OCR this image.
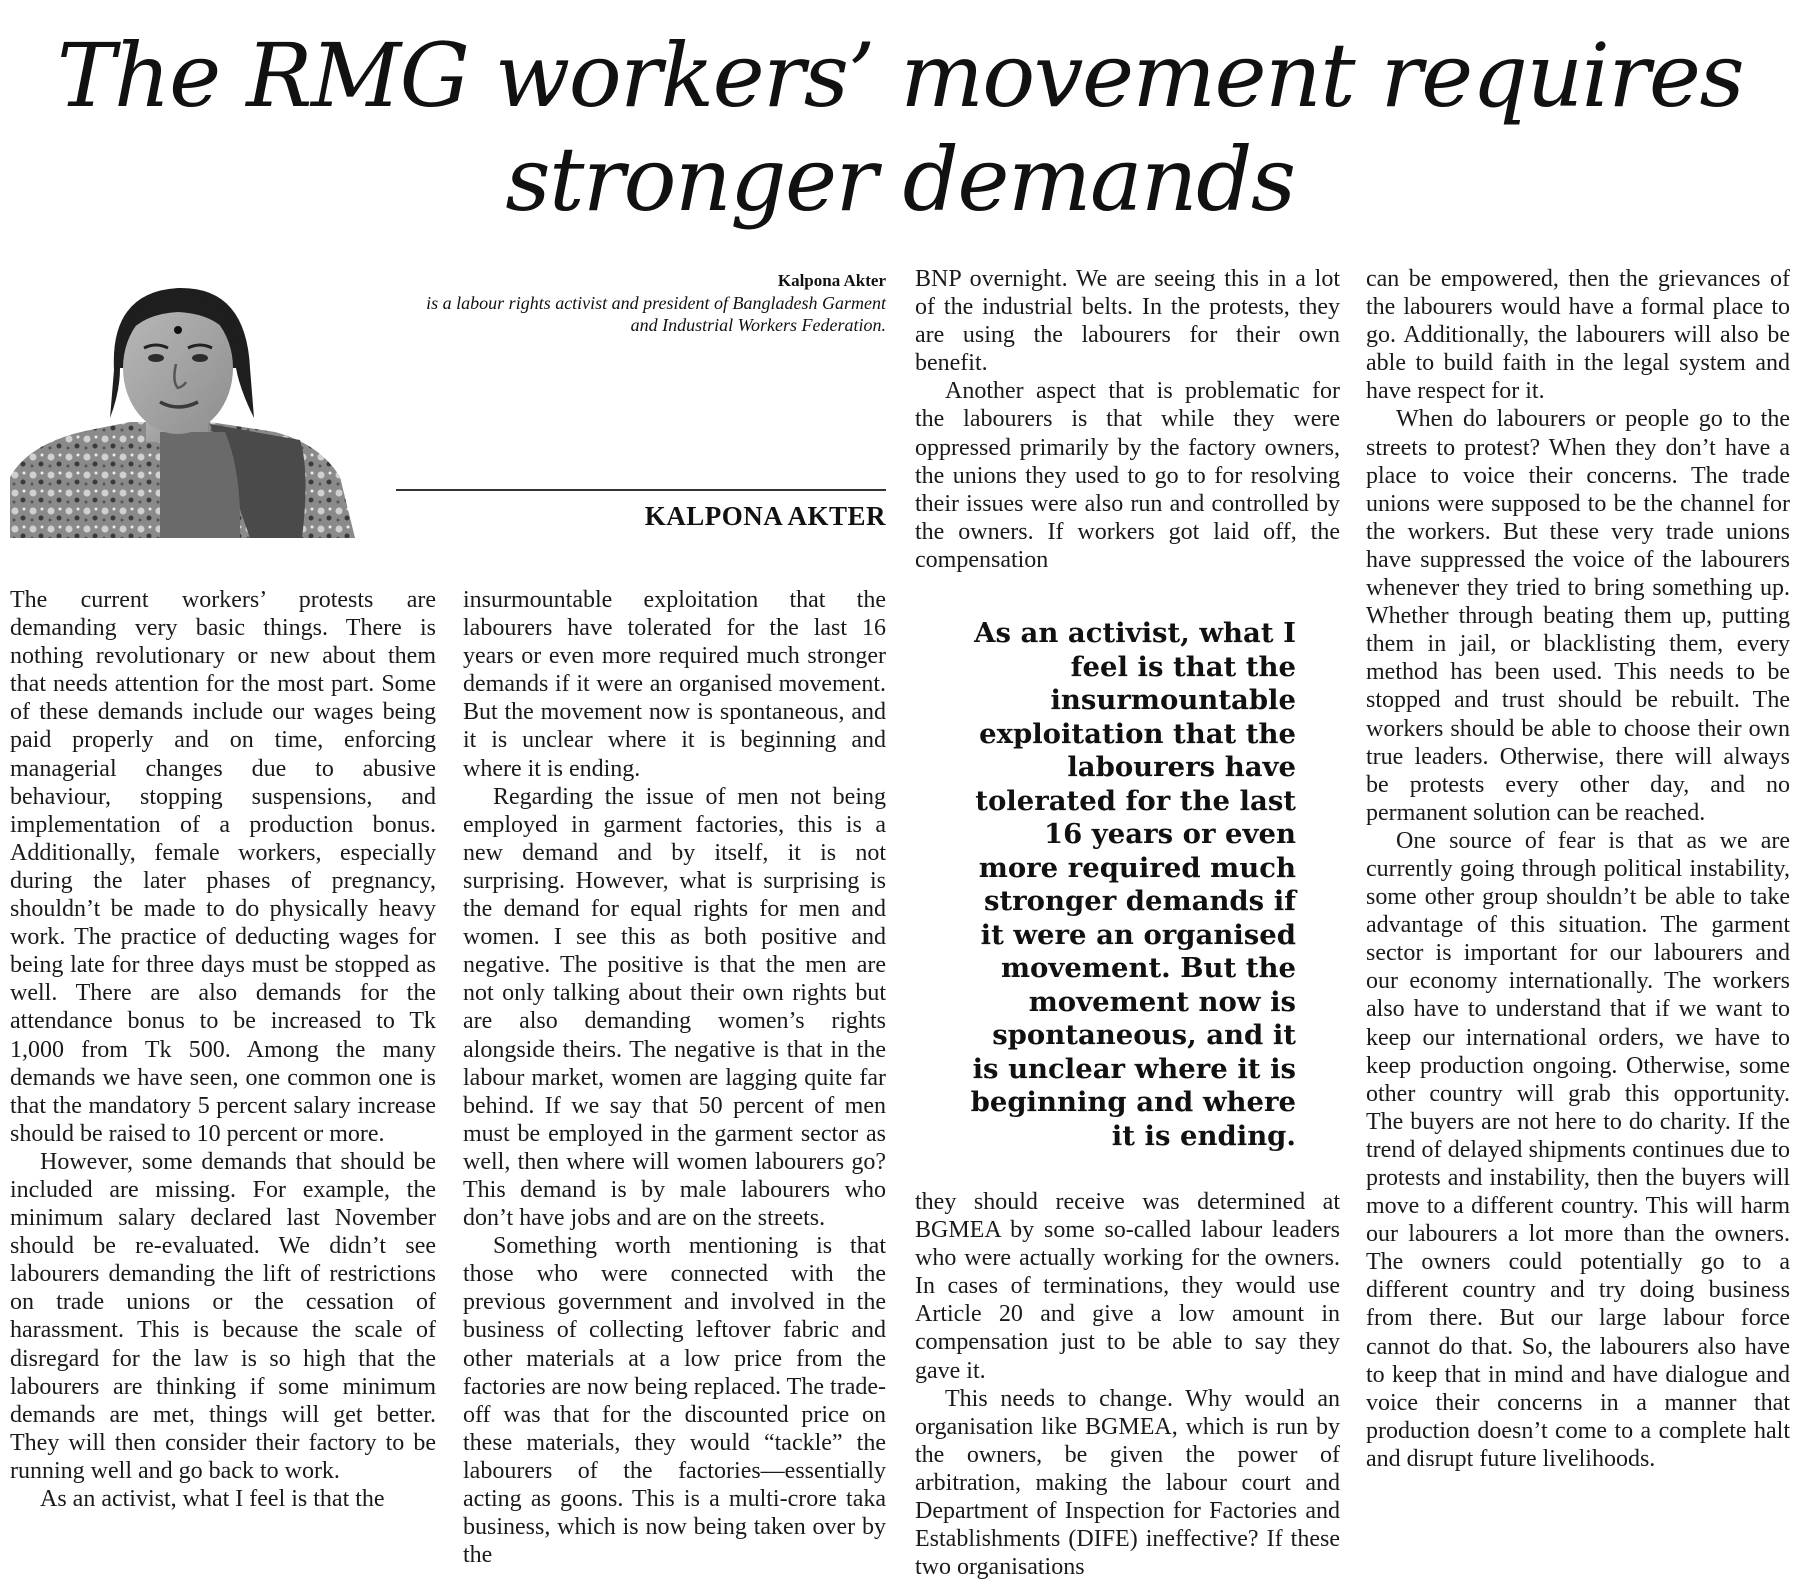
The RMG workers’ movement requires stronger demands
Kalpona Akter
is a labour rights activist and president of Bangladesh Garment and Industrial Workers Federation.
KALPONA AKTER

The current workers’ protests are demanding very basic things. There is nothing revolutionary or new about them that needs attention for the most part. Some of these demands include our wages being paid properly and on time, enforcing managerial changes due to abusive behaviour, stopping suspensions, and implementation of a production bonus. Additionally, female workers, especially during the later phases of pregnancy, shouldn’t be made to do physically heavy work. The practice of deducting wages for being late for three days must be stopped as well. There are also demands for the attendance bonus to be increased to Tk 1,000 from Tk 500. Among the many demands we have seen, one common one is that the mandatory 5 percent salary increase should be raised to 10 percent or more.

However, some demands that should be included are missing. For example, the minimum salary declared last November should be re-evaluated. We didn’t see labourers demanding the lift of restrictions on trade unions or the cessation of harassment. This is because the scale of disregard for the law is so high that the labourers are thinking if some minimum demands are met, things will get better. They will then consider their factory to be running well and go back to work.

As an activist, what I feel is that the

insurmountable exploitation that the labourers have tolerated for the last 16 years or even more required much stronger demands if it were an organised movement. But the movement now is spontaneous, and it is unclear where it is beginning and where it is ending.

Regarding the issue of men not being employed in garment factories, this is a new demand and by itself, it is not surprising. However, what is surprising is the demand for equal rights for men and women. I see this as both positive and negative. The positive is that the men are not only talking about their own rights but are also demanding women’s rights alongside theirs. The negative is that in the labour market, women are lagging quite far behind. If we say that 50 percent of men must be employed in the garment sector as well, then where will women labourers go? This demand is by male labourers who don’t have jobs and are on the streets.

Something worth mentioning is that those who were connected with the previous government and involved in the business of collecting leftover fabric and other materials at a low price from the factories are now being replaced. The trade-off was that for the discounted price on these materials, they would “tackle” the labourers of the factories—essentially acting as goons. This is a multi-crore taka business, which is now being taken over by the

BNP overnight. We are seeing this in a lot of the industrial belts. In the protests, they are using the labourers for their own benefit.

Another aspect that is problematic for the labourers is that while they were oppressed primarily by the factory owners, the unions they used to go to for resolving their issues were also run and controlled by the owners. If workers got laid off, the compensation

As an activist, what I feel is that the insurmountable exploitation that the labourers have tolerated for the last 16 years or even more required much stronger demands if it were an organised movement. But the movement now is spontaneous, and it is unclear where it is beginning and where it is ending.

they should receive was determined at BGMEA by some so-called labour leaders who were actually working for the owners. In cases of terminations, they would use Article 20 and give a low amount in compensation just to be able to say they gave it.

This needs to change. Why would an organisation like BGMEA, which is run by the owners, be given the power of arbitration, making the labour court and Department of Inspection for Factories and Establishments (DIFE) ineffective? If these two organisations

can be empowered, then the grievances of the labourers would have a formal place to go. Additionally, the labourers will also be able to build faith in the legal system and have respect for it.

When do labourers or people go to the streets to protest? When they don’t have a place to voice their concerns. The trade unions were supposed to be the channel for the workers. But these very trade unions have suppressed the voice of the labourers whenever they tried to bring something up. Whether through beating them up, putting them in jail, or blacklisting them, every method has been used. This needs to be stopped and trust should be rebuilt. The workers should be able to choose their own true leaders. Otherwise, there will always be protests every other day, and no permanent solution can be reached.

One source of fear is that as we are currently going through political instability, some other group shouldn’t be able to take advantage of this situation. The garment sector is important for our labourers and our economy internationally. The workers also have to understand that if we want to keep our international orders, we have to keep production ongoing. Otherwise, some other country will grab this opportunity. The buyers are not here to do charity. If the trend of delayed shipments continues due to protests and instability, then the buyers will move to a different country. This will harm our labourers a lot more than the owners. The owners could potentially go to a different country and try doing business from there. But our large labour force cannot do that. So, the labourers also have to keep that in mind and have dialogue and voice their concerns in a manner that production doesn’t come to a complete halt and disrupt future livelihoods.
